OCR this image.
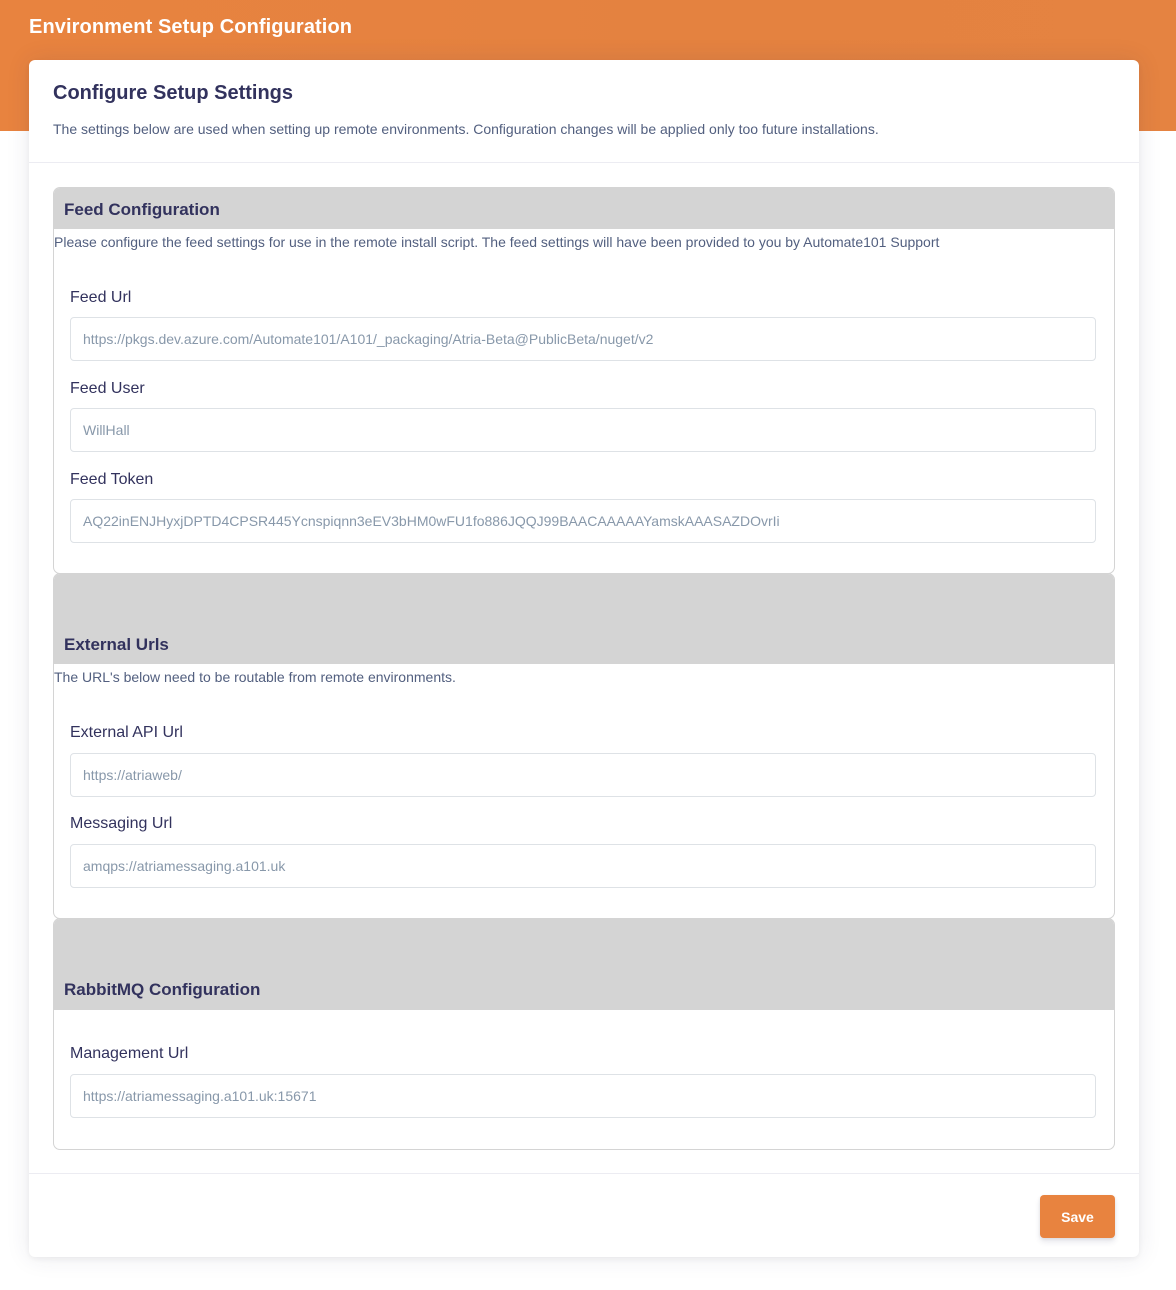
Environment Setup Configuration
Configure Setup Settings

The settings below are used when setting up remote environments. Configuration changes will be applied only too future installations.

Feed Configuration

Please configure the feed settings for use in the remote install script. The feed settings will have been provided to you by Automate101 Support

Feed Url
https://pkgs.dev.azure.com/Automate101/A101/_packaging/Atria-Beta@PublicBeta/nuget/v2
Feed User
WillHall
Feed Token
AQ22inENJHyxjDPTD4CPSR445Ycnspiqnn3eEV3bHM0wFU1fo886JQQJ99BAACAAAAAYamskAAASAZDOvrIi
External Urls

The URL's below need to be routable from remote environments.

External API Url
https://atriaweb/
Messaging Url
amqps://atriamessaging.a101.uk
RabbitMQ Configuration
Management Url
https://atriamessaging.a101.uk:15671
Save
